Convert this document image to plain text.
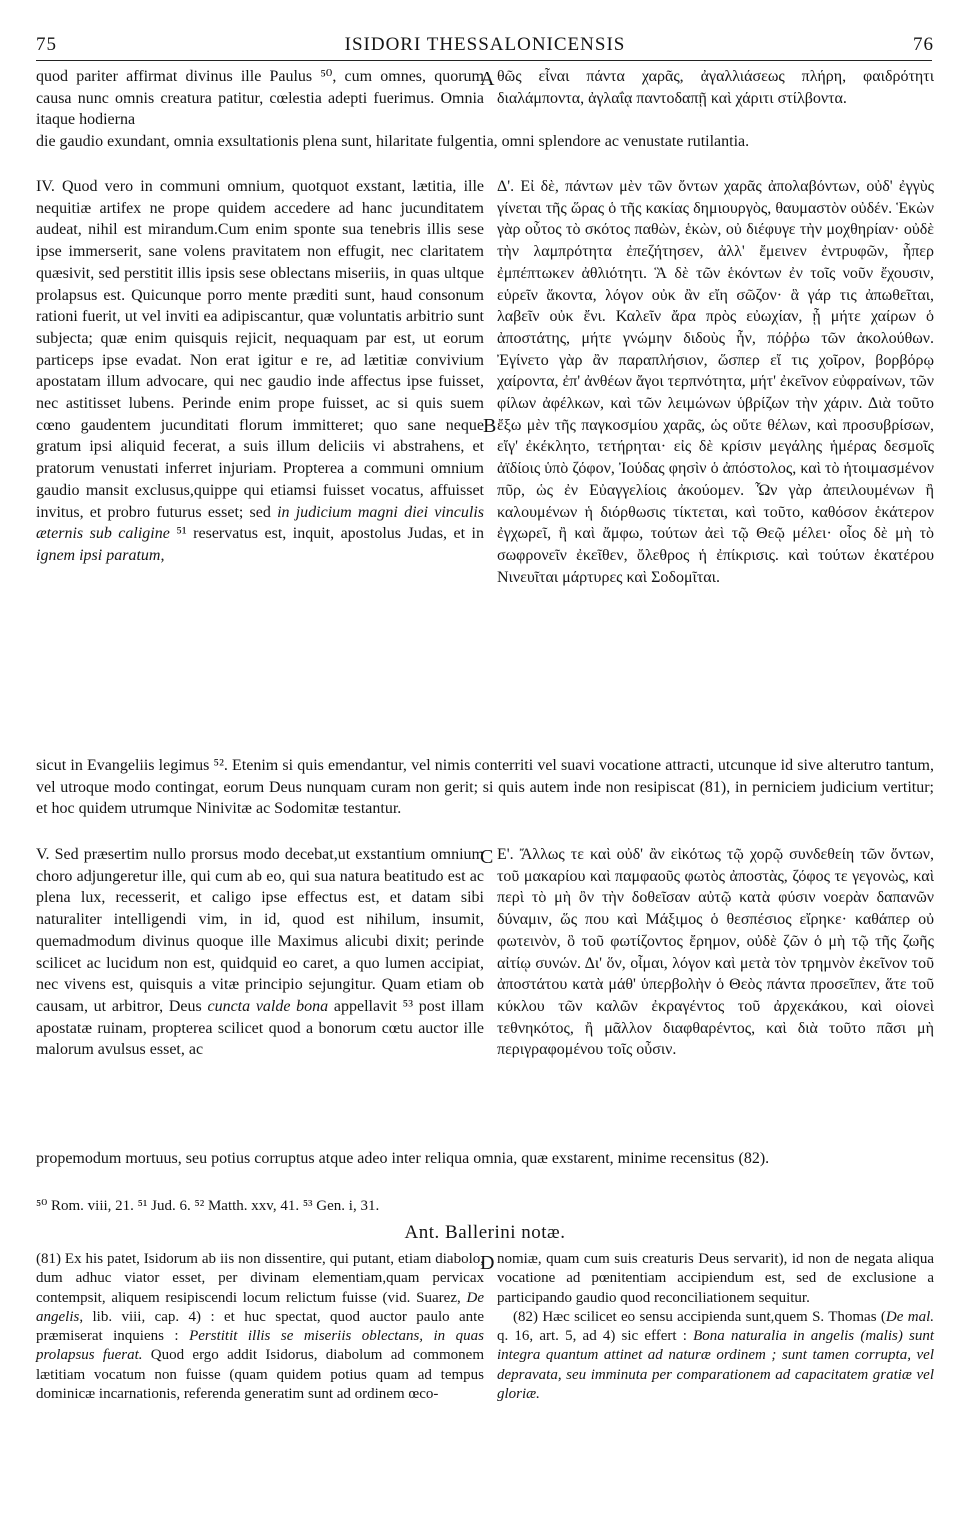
75	ISIDORI THESSALONICENSIS	76
quod pariter affirmat divinus ille Paulus ⁵⁰, cum omnes, quorum causa nunc omnis creatura patitur, cœlestia adepti fuerimus. Omnia itaque hodierna
A θῶς εἶναι πάντα χαρᾶς, ἀγαλλιάσεως πλήρη, φαιδρότητι διαλάμποντα, ἀγλαΐᾳ παντοδαπῇ καὶ χάριτι στίλβοντα.
die gaudio exundant, omnia exsultationis plena sunt, hilaritate fulgentia, omni splendore ac venustate rutilantia.
IV. Quod vero in communi omnium, quotquot exstant, lætitia, ille nequitiæ artifex ne prope quidem accedere ad hanc jucunditatem audeat, nihil est mirandum.Cum enim sponte sua tenebris illis sese ipse immerserit, sane volens pravitatem non effugit, nec claritatem quæsivit, sed perstitit illis ipsis sese oblectans miseriis, in quas ultque prolapsus est. Quicunque porro mente præditi sunt, haud consonum rationi fuerit, ut vel inviti ea adipiscantur, quæ voluntatis arbitrio sunt subjecta; quæ enim quisquis rejicit, nequaquam par est, ut eorum particeps ipse evadat. Non erat igitur e re, ad lætitiæ convivium apostatam illum advocare, qui nec gaudio inde affectus ipse fuisset, nec astitisset lubens. Perinde enim prope fuisset, ac si quis suem cœno gaudentem jucunditati florum immitteret; quo sane neque gratum ipsi aliquid fecerat, a suis illum deliciis vi abstrahens, et pratorum venustati inferret injuriam. Propterea a communi omnium gaudio mansit exclusus,quippe qui etiamsi fuisset vocatus, affuisset invitus, et probro futurus esset; sed in judicium magni diei vinculis æternis sub caligine ⁵¹ reservatus est, inquit, apostolus Judas, et in ignem ipsi paratum,
B
Δ'. Εἰ δὲ, πάντων μὲν τῶν ὄντων χαρᾶς ἀπολαβόντων, οὐδ' ἐγγὺς γίνεται τῆς ὥρας ὁ τῆς κακίας δημιουργὸς, θαυμαστὸν οὐδέν. Ἑκὼν γὰρ οὗτος τὸ σκότος παθὼν, ἑκὼν, οὐ διέφυγε τὴν μοχθηρίαν· οὐδὲ τὴν λαμπρότητα ἐπεζήτησεν, ἀλλ' ἔμεινεν ἐντρυφῶν, ἧπερ ἐμπέπτωκεν ἀθλιότητι. Ἃ δὲ τῶν ἑκόντων ἐν τοῖς νοῦν ἔχουσιν, εὑρεῖν ἄκοντα, λόγον οὐκ ἂν εἴη σῶζον· ἃ γάρ τις ἀπωθεῖται, λαβεῖν οὐκ ἔνι. Καλεῖν ἄρα πρὸς εὐωχίαν, ᾗ μήτε χαίρων ὁ ἀποστάτης, μήτε γνώμην διδοὺς ἦν, πόῤῥω τῶν ἀκολούθων. Ἐγίνετο γὰρ ἂν παραπλήσιον, ὥσπερ εἴ τις χοῖρον, βορβόρῳ χαίροντα, ἐπ' ἀνθέων ἄγοι τερπνότητα, μήτ' ἐκεῖνον εὐφραίνων, τῶν φίλων ἀφέλκων, καὶ τῶν λειμώνων ὑβρίζων τὴν χάριν. Διὰ τοῦτο ἔξω μὲν τῆς παγκοσμίου χαρᾶς, ὡς οὔτε θέλων, καὶ προσυβρίσων, εἴγ' ἐκέκλητο, τετήρηται· εἰς δὲ κρίσιν μεγάλης ἡμέρας δεσμοῖς ἀϊδίοις ὑπὸ ζόφον, Ἰούδας φησὶν ὁ ἀπόστολος, καὶ τὸ ἡτοιμασμένον πῦρ, ὡς ἐν Εὐαγγελίοις ἀκούομεν. Ὧν γὰρ ἀπειλουμένων ἢ καλουμένων ἡ διόρθωσις τίκτεται, καὶ τοῦτο, καθόσον ἑκάτερον ἐγχωρεῖ, ἢ καὶ ἄμφω, τούτων ἀεὶ τῷ Θεῷ μέλει· οἷος δὲ μὴ τὸ σωφρονεῖν ἐκεῖθεν, ὄλεθρος ἡ ἐπίκρισις. καὶ τούτων ἑκατέρου Νινευῖται μάρτυρες καὶ Σοδομῖται.
sicut in Evangeliis legimus ⁵². Etenim si quis emendantur, vel nimis conterriti vel suavi vocatione attracti, utcunque id sive alterutro tantum, vel utroque modo contingat, eorum Deus nunquam curam non gerit; si quis autem inde non resipiscat (81), in perniciem judicium vertitur; et hoc quidem utrumque Ninivitæ ac Sodomitæ testantur.
V. Sed præsertim nullo prorsus modo decebat,ut exstantium omnium choro adjungeretur ille, qui cum ab eo, qui sua natura beatitudo est ac plena lux, recesserit, et caligo ipse effectus est, et datam sibi naturaliter intelligendi vim, in id, quod est nihilum, insumit, quemadmodum divinus quoque ille Maximus alicubi dixit; perinde scilicet ac lucidum non est, quidquid eo caret, a quo lumen accipiat, nec vivens est, quisquis a vitæ principio sejungitur. Quam etiam ob causam, ut arbitror, Deus cuncta valde bona appellavit ⁵³ post illam apostatæ ruinam, propterea scilicet quod a bonorum cœtu auctor ille malorum avulsus esset, ac
C Ε'. Ἄλλως τε καὶ οὐδ' ἂν εἰκότως τῷ χορῷ συνδεθείη τῶν ὄντων, τοῦ μακαρίου καὶ παμφαοῦς φωτὸς ἀποστὰς, ζόφος τε γεγονὼς, καὶ περὶ τὸ μὴ ὂν τὴν δοθεῖσαν αὐτῷ κατὰ φύσιν νοερὰν δαπανῶν δύναμιν, ὥς που καὶ Μάξιμος ὁ θεσπέσιος εἴρηκε· καθάπερ οὐ φωτεινὸν, ὃ τοῦ φωτίζοντος ἔρημον, οὐδὲ ζῶν ὁ μὴ τῷ τῆς ζωῆς αἰτίῳ συνών. Δι' ὅν, οἶμαι, λόγον καὶ μετὰ τὸν τρημνὸν ἐκεῖνον τοῦ ἀποστάτου κατὰ μάθ' ὑπερβολὴν ὁ Θεὸς πάντα προσεῖπεν, ἅτε τοῦ κύκλου τῶν καλῶν ἐκραγέντος τοῦ ἀρχεκάκου, καὶ οἱονεὶ τεθνηκότος, ἢ μᾶλλον διαφθαρέντος, καὶ διὰ τοῦτο πᾶσι μὴ περιγραφομένου τοῖς οὖσιν.
propemodum mortuus, seu potius corruptus atque adeo inter reliqua omnia, quæ exstarent, minime recensitus (82).
⁵⁰ Rom. viii, 21. ⁵¹ Jud. 6. ⁵² Matth. xxv, 41. ⁵³ Gen. i, 31.
Ant. Ballerini notæ.
(81) Ex his patet, Isidorum ab iis non dissentire, qui putant, etiam diabolo, dum adhuc viator esset, per divinam elementiam,quam pervicax contempsit, aliquem resipiscendi locum relictum fuisse (vid. Suarez, De angelis, lib. viii, cap. 4) : et huc spectat, quod auctor paulo ante præmiserat inquiens : Perstitit illis se miseriis oblectans, in quas prolapsus fuerat. Quod ergo addit Isidorus, diabolum ad commonem lætitiam vocatum non fuisse (quam quidem potius quam ad tempus dominicæ incarnationis, referenda generatim sunt ad ordinem œco-
D nomiæ, quam cum suis creaturis Deus servarit), id non de negata aliqua vocatione ad pœnitentiam accipiendum est, sed de exclusione a participando gaudio quod reconciliationem sequitur.
(82) Hæc scilicet eo sensu accipienda sunt,quem S. Thomas (De mal. q. 16, art. 5, ad 4) sic effert : Bona naturalia in angelis (malis) sunt integra quantum attinet ad naturæ ordinem ; sunt tamen corrupta, vel depravata, seu imminuta per comparationem ad capacitatem gratiæ vel gloriæ.
